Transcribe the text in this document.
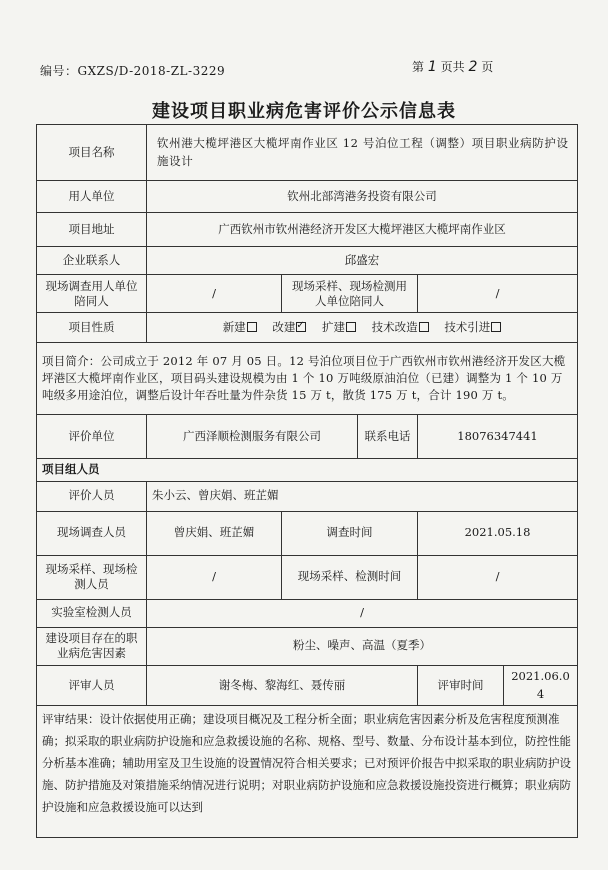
编号：GXZS/D-2018-ZL-3229	第 1 页共 2 页
建设项目职业病危害评价公示信息表
项目名称	钦州港大榄坪港区大榄坪南作业区 12 号泊位工程（调整）项目职业病防护设施设计				
用人单位	钦州北部湾港务投资有限公司				
项目地址	广西钦州市钦州港经济开发区大榄坪港区大榄坪南作业区				
企业联系人	邱盛宏				
现场调查用人单位陪同人	/	现场采样、现场检测用人单位陪同人		/	
项目性质	新建 改建 ✓ 扩建 技术改造 技术引进
项目简介：公司成立于 2012 年 07 月 05 日。12 号泊位项目位于广西钦州市钦州港经济开发区大榄坪港区大榄坪南作业区，项目码头建设规模为由 1 个 10 万吨级原油泊位（已建）调整为 1 个 10 万吨级多用途泊位，调整后设计年吞吐量为件杂货 15 万 t，散货 175 万 t，合计 190 万 t。					
评价单位	广西泽顺检测服务有限公司		联系电话	18076347441	
项目组人员					
评价人员	朱小云、曾庆娟、班芷媚				
现场调查人员	曾庆娟、班芷媚	调查时间		2021.05.18	
现场采样、现场检测人员	/	现场采样、检测时间		/	
实验室检测人员	/				
建设项目存在的职业病危害因素	粉尘、噪声、高温（夏季）				
评审人员	谢冬梅、黎海红、聂传丽			评审时间	2021.06.04
评审结果：设计依据使用正确；建设项目概况及工程分析全面；职业病危害因素分析及危害程度预测准确；拟采取的职业病防护设施和应急救援设施的名称、规格、型号、数量、分布设计基本到位，防控性能分析基本准确；辅助用室及卫生设施的设置情况符合相关要求；已对预评价报告中拟采取的职业病防护设施、防护措施及对策措施采纳情况进行说明；对职业病防护设施和应急救援设施投资进行概算；职业病防护设施和应急救援设施可以达到					
